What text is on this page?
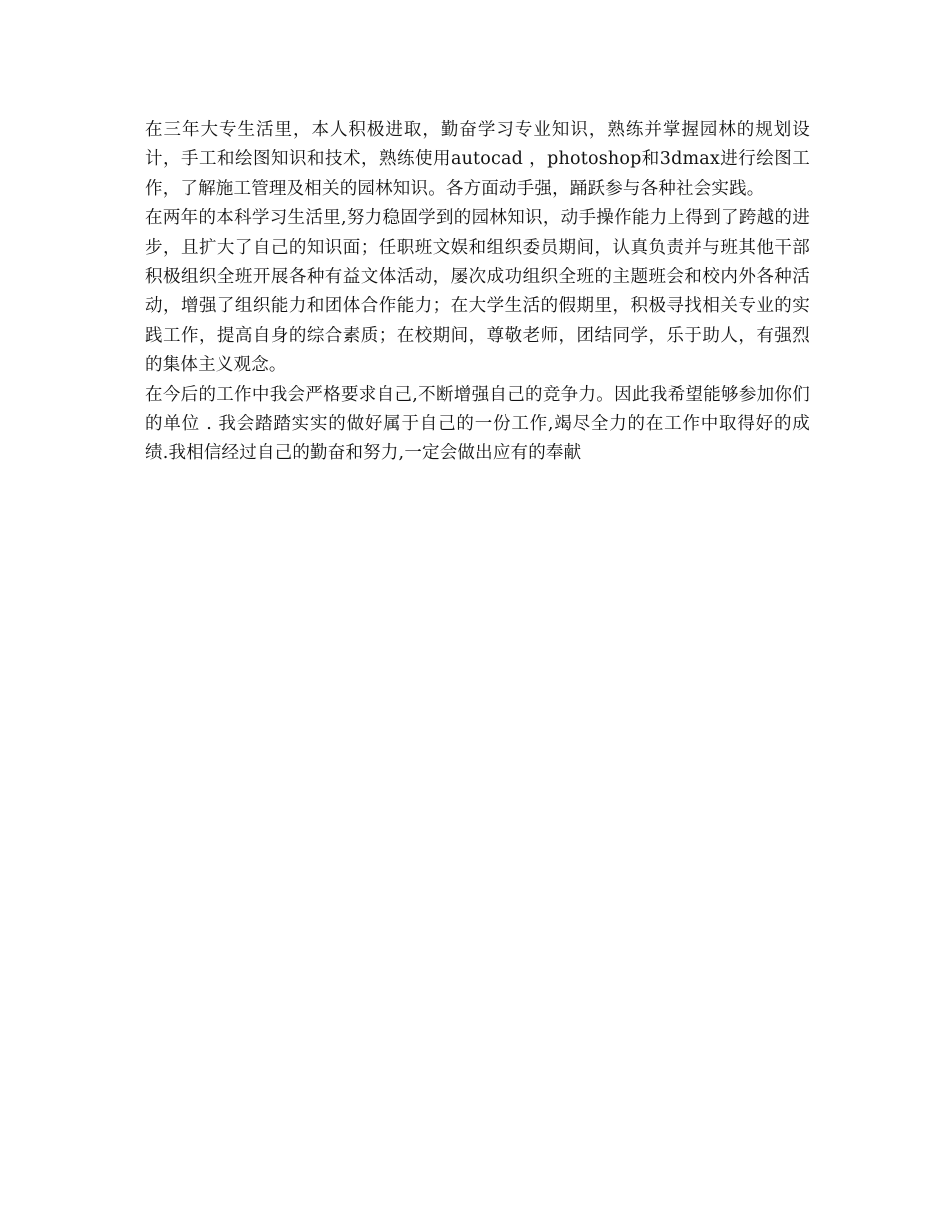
在三年大专生活里，本人积极进取，勤奋学习专业知识，熟练并掌握园林的规划设计，手工和绘图知识和技术，熟练使用autocad ，photoshop和3dmax进行绘图工作，了解施工管理及相关的园林知识。各方面动手强，踊跃参与各种社会实践。

在两年的本科学习生活里,努力稳固学到的园林知识，动手操作能力上得到了跨越的进步，且扩大了自己的知识面；任职班文娱和组织委员期间，认真负责并与班其他干部积极组织全班开展各种有益文体活动，屡次成功组织全班的主题班会和校内外各种活动，增强了组织能力和团体合作能力；在大学生活的假期里，积极寻找相关专业的实践工作，提高自身的综合素质；在校期间，尊敬老师，团结同学，乐于助人，有强烈的集体主义观念。

在今后的工作中我会严格要求自己,不断增强自己的竞争力。因此我希望能够参加你们的单位 . 我会踏踏实实的做好属于自己的一份工作,竭尽全力的在工作中取得好的成绩.我相信经过自己的勤奋和努力,一定会做出应有的奉献
